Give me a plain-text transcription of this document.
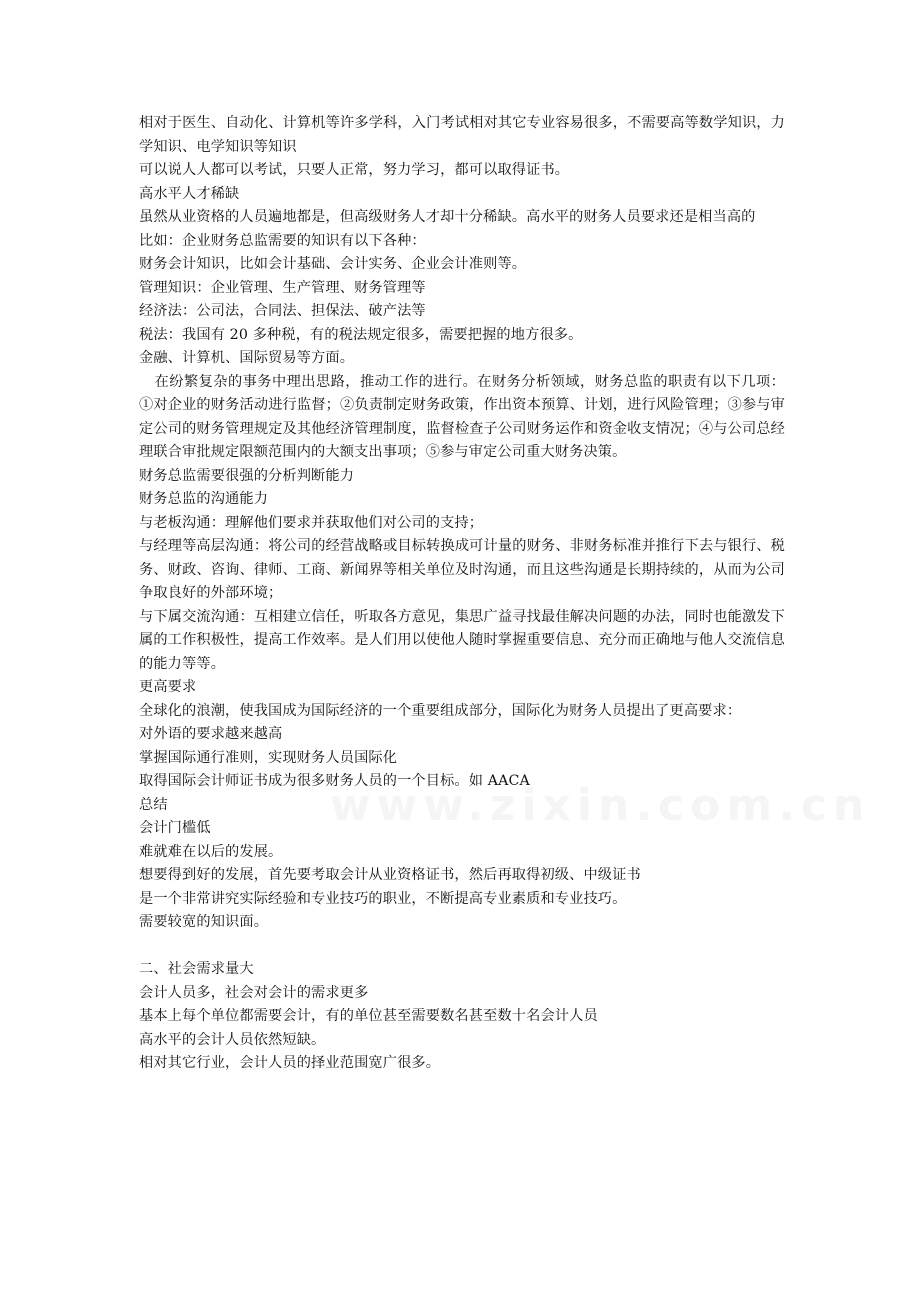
www.zixin.com.cn

相对于医生、自动化、计算机等许多学科，入门考试相对其它专业容易很多，不需要高等数学知识，力学知识、电学知识等知识

可以说人人都可以考试，只要人正常，努力学习，都可以取得证书。

高水平人才稀缺

虽然从业资格的人员遍地都是，但高级财务人才却十分稀缺。高水平的财务人员要求还是相当高的

比如：企业财务总监需要的知识有以下各种：

财务会计知识，比如会计基础、会计实务、企业会计准则等。

管理知识：企业管理、生产管理、财务管理等

经济法：公司法，合同法、担保法、破产法等

税法：我国有 20 多种税，有的税法规定很多，需要把握的地方很多。

金融、计算机、国际贸易等方面。

在纷繁复杂的事务中理出思路，推动工作的进行。在财务分析领域，财务总监的职责有以下几项：①对企业的财务活动进行监督；②负责制定财务政策，作出资本预算、计划，进行风险管理；③参与审定公司的财务管理规定及其他经济管理制度，监督检查子公司财务运作和资金收支情况；④与公司总经理联合审批规定限额范围内的大额支出事项；⑤参与审定公司重大财务决策。

财务总监需要很强的分析判断能力

财务总监的沟通能力

与老板沟通：理解他们要求并获取他们对公司的支持；

与经理等高层沟通：将公司的经营战略或目标转换成可计量的财务、非财务标准并推行下去与银行、税务、财政、咨询、律师、工商、新闻界等相关单位及时沟通，而且这些沟通是长期持续的，从而为公司争取良好的外部环境；

与下属交流沟通：互相建立信任，听取各方意见，集思广益寻找最佳解决问题的办法，同时也能激发下属的工作积极性，提高工作效率。是人们用以使他人随时掌握重要信息、充分而正确地与他人交流信息的能力等等。

更高要求

全球化的浪潮，使我国成为国际经济的一个重要组成部分，国际化为财务人员提出了更高要求：

对外语的要求越来越高

掌握国际通行准则，实现财务人员国际化

取得国际会计师证书成为很多财务人员的一个目标。如 AACA

总结

会计门槛低

难就难在以后的发展。

想要得到好的发展，首先要考取会计从业资格证书，然后再取得初级、中级证书

是一个非常讲究实际经验和专业技巧的职业，不断提高专业素质和专业技巧。

需要较宽的知识面。

二、社会需求量大

会计人员多，社会对会计的需求更多

基本上每个单位都需要会计，有的单位甚至需要数名甚至数十名会计人员

高水平的会计人员依然短缺。

相对其它行业，会计人员的择业范围宽广很多。
